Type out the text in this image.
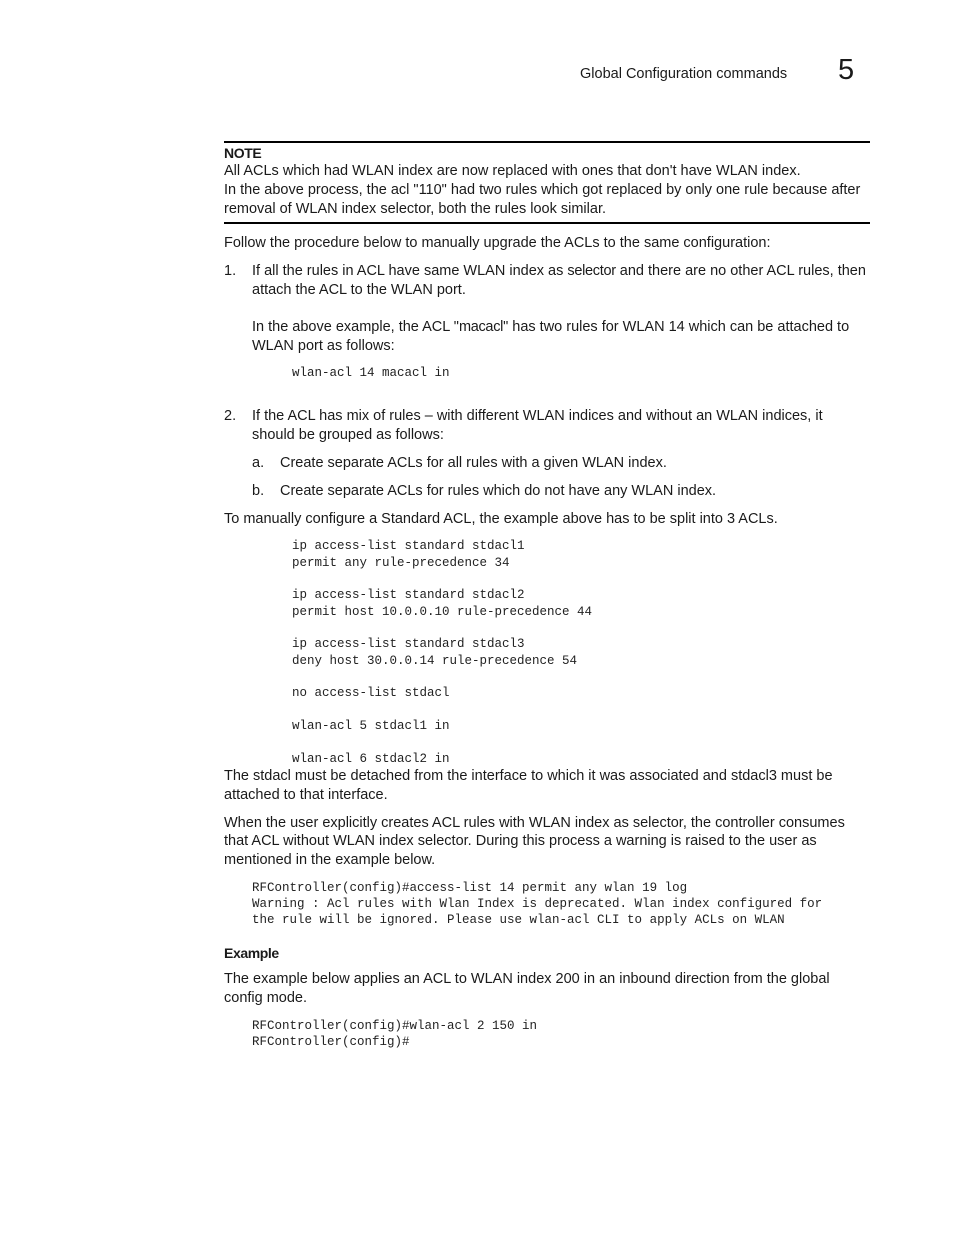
Global Configuration commands 5
NOTE
All ACLs which had WLAN index are now replaced with ones that don't have WLAN index.
In the above process, the acl "110" had two rules which got replaced by only one rule because after
removal of WLAN index selector, both the rules look similar.
Follow the procedure below to manually upgrade the ACLs to the same configuration:
1. If all the rules in ACL have same WLAN index as selector and there are no other ACL rules, then
attach the ACL to the WLAN port.
In the above example, the ACL "macacl" has two rules for WLAN 14 which can be attached to
WLAN port as follows:
wlan-acl 14 macacl in
2. If the ACL has mix of rules – with different WLAN indices and without an WLAN indices, it
should be grouped as follows:
a. Create separate ACLs for all rules with a given WLAN index.
b. Create separate ACLs for rules which do not have any WLAN index.
To manually configure a Standard ACL, the example above has to be split into 3 ACLs.
ip access-list standard stdacl1
permit any rule-precedence 34
ip access-list standard stdacl2
permit host 10.0.0.10 rule-precedence 44
ip access-list standard stdacl3
deny host 30.0.0.14 rule-precedence 54
no access-list stdacl
wlan-acl 5 stdacl1 in
wlan-acl 6 stdacl2 in
The stdacl must be detached from the interface to which it was associated and stdacl3 must be
attached to that interface.
When the user explicitly creates ACL rules with WLAN index as selector, the controller consumes
that ACL without WLAN index selector. During this process a warning is raised to the user as
mentioned in the example below.
RFController(config)#access-list 14 permit any wlan 19 log
Warning : Acl rules with Wlan Index is deprecated. Wlan index configured for
the rule will be ignored. Please use wlan-acl CLI to apply ACLs on WLAN
Example
The example below applies an ACL to WLAN index 200 in an inbound direction from the global
config mode.
RFController(config)#wlan-acl 2 150 in
RFController(config)#
